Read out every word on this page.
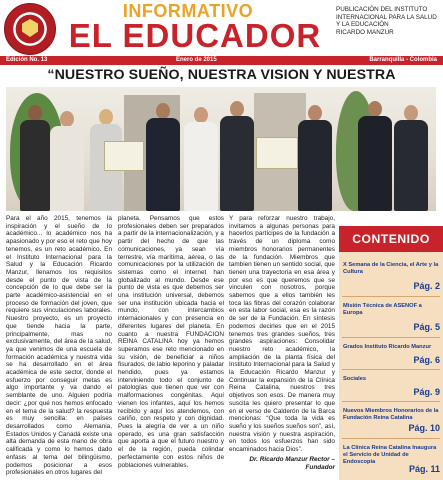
INFORMATIVO
EL EDUCADOR
PUBLICACIÓN DEL INSTITUTO
INTERNACIONAL PARA LA SALUD
Y LA EDUCACIÓN
RICARDO MANZUR
Edición No. 13	Enero de 2015	Barranquilla - Colombia
“NUESTRO SUEÑO, NUESTRA VISION Y NUESTRA

Para el año 2015, tenemos la inspiración y el sueño de lo académico... lo académico nos ha apasionado y por eso el reto que hoy tenemos, es un reto académico. En el Instituto Internacional para la Salud y la Educación Ricardo Manzur, llenamos los requisitos desde el punto de vista de la concepción de lo que debe ser la parte académico-asistencial en el proceso de formación del joven, que requiere sus vinculaciones laborales. Nuestro proyecto, es un proyecto que tiende hacia la parte, principalmente, mas no exclusivamente, del área de la salud, ya que venimos de una escuela de formación académica y nuestra vida se ha desarrollado en el área académica de este sector, donde el esfuerzo por conseguir metas es algo importante y va dando el semblante de uno. Alguien podría decir: ¿por qué nos hemos enfocado en el tema de la salud? la respuesta es muy sencilla: en países desarrollados como Alemania, Estados Unidos y Canadá existe una alta demanda de esta mano de obra calificada y como lo hemos dado enfasis al tema del bilingüismo, podemos posicionar a esos profesionales en otros lugares del

planeta. Pensamos que estos profesionales deben ser preparados a partir de la internacionalización, y a partir del hecho de que las comunicaciones, ya sean vía terrestre, vía marítima, aérea, o las comunicaciones por la utilización de sistemas como el internet han globalizado al mundo. Desde ese punto de vista es que debemos ser una institución universal, debemos ser una institución ubicada hacia el mundo, con intercambios internacionales y con presencia en diferentes lugares del planeta. En cuanto a nuestra FUNDACION REINA CATALINA hoy ya hemos superamos ese reto mencionado en su visión, de beneficiar a niños fisurados, de labio leporino y paladar hendido, pues ya estamos interviniendo todo el conjunto de patologías que tienen que ver con malformaciones congénitas. Aquí vienen los infantes, aquí los hemos recibido y aquí los atendemos, con cariño, con respeto y con dignidad. Pues la alegría de ver a un niño operado, es una gran satisfacción que aporta a que el futuro nuestro y el de la región, pueda colindar perfectamente con estos niños de poblaciones vulnerables.

Y para reforzar nuestro trabajo, invitamos a algunas personas para hacerlos partícipes de la fundación a través de un diploma como miembros honorarios permanentes de la fundación. Miembros que tambien tienen un sentido social, que tienen una trayectoria en esa área y por eso es que queremos que se vinculen con nosotros, porque sabemos que a ellos también les toca las fibras del corazón colaborar en esta labor social, esa es la razón de ser de la Fundación. En síntesis podemos decirles que en el 2015 tenemos tres grandes sueños, tres grandes aspiraciones: Consolidar nuestro reto académico, la ampliación de la planta física del Instituto Internacional para la Salud y la Educación Ricardo Manzur y Continuar la expansión de la Clínica Reina Catalina, nuestros tres objetivos son esos. De manera muy suscita les quiero presentar lo que en el verso de Calderón de la Barca mencionas: “Que toda la vida es sueño y los sueños sueños son”, así, nuestra visión y nuestra aspiración, en todos los esfuerzos han sido encaminados hacia Dios”.

Dr. Ricardo Manzur Rector – Fundador

CONTENIDO
X Semana de la Ciencia, el Arte y la Cultura
Pág. 2
Misión Técnica de ASENOF a Europa
Pág. 5
Grados Instituto Ricardo Manzur
Pág. 6
Sociales
Pág. 9
Nuevos Miembros Honorarios de la Fundación Reina Catalina
Pág. 10
La Clínica Reina Catalina Inaugura el Servicio de Unidad de Endoscopia
Pág. 11
